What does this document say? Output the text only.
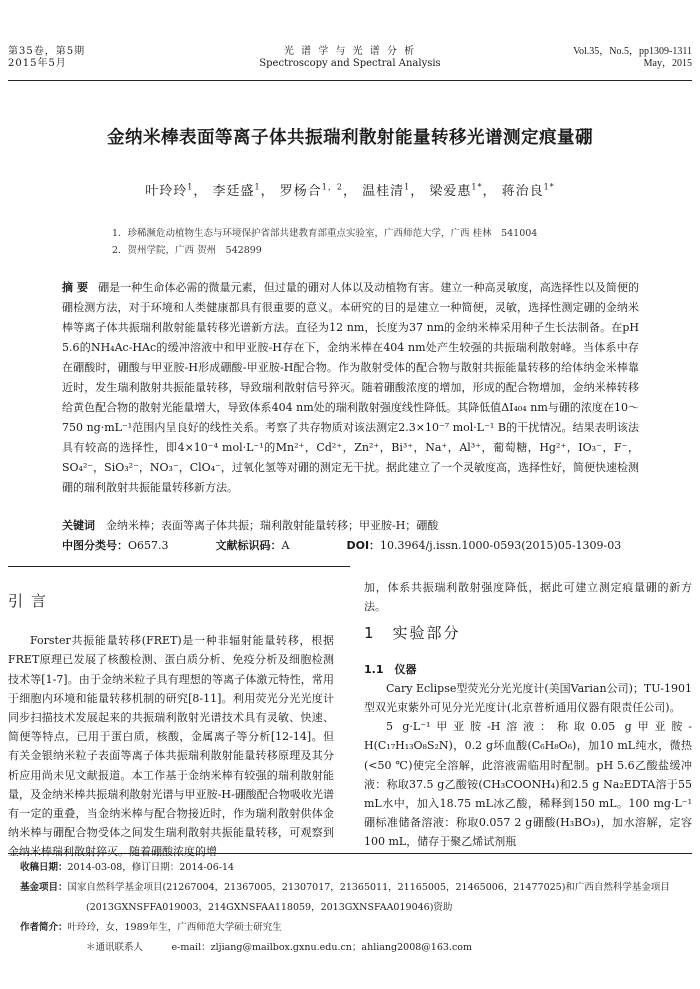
第35卷，第5期
2015年5月
光 谱 学 与 光 谱 分 析
Spectroscopy and Spectral Analysis
Vol.35，No.5，pp1309-1311
May，2015
金纳米棒表面等离子体共振瑞利散射能量转移光谱测定痕量硼
叶玲玲$^1$， 李廷盛$^1$， 罗杨合$^{1,2}$， 温桂清$^1$， 梁爱惠$^{1*}$， 蒋治良$^{1*}$
1．珍稀濒危动植物生态与环境保护省部共建教育部重点实验室，广西师范大学，广西 桂林　541004
2．贺州学院，广西 贺州　542899
摘要 硼是一种生命体必需的微量元素，但过量的硼对人体以及动植物有害。建立一种高灵敏度，高选择性以及简便的硼检测方法，对于环境和人类健康都具有很重要的意义。本研究的目的是建立一种简便，灵敏，选择性测定硼的金纳米棒等离子体共振瑞利散射能量转移光谱新方法。直径为12 nm，长度为37 nm的金纳米棒采用种子生长法制备。在pH 5.6的NH₄Ac-HAc的缓冲溶液中和甲亚胺-H存在下，金纳米棒在404 nm处产生较强的共振瑞利散射峰。当体系中存在硼酸时，硼酸与甲亚胺-H形成硼酸-甲亚胺-H配合物。作为散射受体的配合物与散射共振能量转移的给体纳金米棒靠近时，发生瑞利散射共振能量转移，导致瑞利散射信号猝灭。随着硼酸浓度的增加，形成的配合物增加，金纳米棒转移给黄色配合物的散射光能量增大，导致体系404 nm处的瑞利散射强度线性降低。其降低值ΔI₄₀₄ nm与硼的浓度在10～750 ng·mL⁻¹范围内呈良好的线性关系。考察了共存物质对该法测定2.3×10⁻⁷ mol·L⁻¹ B的干扰情况。结果表明该法具有较高的选择性，即4×10⁻⁴ mol·L⁻¹的Mn²⁺，Cd²⁺，Zn²⁺，Bi³⁺，Na⁺，Al³⁺，葡萄糖，Hg²⁺，IO₃⁻，F⁻，SO₄²⁻，SiO₃²⁻，NO₃⁻，ClO₄⁻，过氧化氢等对硼的测定无干扰。据此建立了一个灵敏度高，选择性好，简便快速检测硼的瑞利散射共振能量转移新方法。
关键词　 金纳米棒；表面等离子体共振；瑞利散射能量转移；甲亚胺-H；硼酸
中图分类号：O657.3	文献标识码：A	DOI：10.3964/j.issn.1000-0593(2015)05-1309-03
引言

Forster共振能量转移(FRET)是一种非辐射能量转移，根据FRET原理已发展了核酸检测、蛋白质分析、免疫分析及细胞检测技术等[1-7]。由于金纳米粒子具有理想的等离子体激元特性，常用于细胞内环境和能量转移机制的研究[8-11]。利用荧光分光光度计同步扫描技术发展起来的共振瑞利散射光谱技术具有灵敏、快速、简便等特点，已用于蛋白质，核酸，金属离子等分析[12-14]。但有关金银纳米粒子表面等离子体共振瑞利散射能量转移原理及其分析应用尚未见文献报道。本工作基于金纳米棒有较强的瑞利散射能量，及金纳米棒共振瑞利散射光谱与甲亚胺-H-硼酸配合物吸收光谱有一定的重叠，当金纳米棒与配合物接近时，作为瑞利散射供体金纳米棒与硼配合物受体之间发生瑞利散射共振能量转移，可观察到金纳米棒瑞利散射猝灭。随着硼酸浓度的增

加，体系共振瑞利散射强度降低，据此可建立测定痕量硼的新方法。

1　实验部分
1.1　仪器

Cary Eclipse型荧光分光光度计(美国Varian公司)；TU-1901型双光束紫外可见分光光度计(北京普析通用仪器有限责任公司)。

5 g·L⁻¹甲亚胺-H溶液：称取0.05 g甲亚胺-H(C₁₇H₁₃O₈S₂N)，0.2 g坏血酸(C₆H₈O₆)，加10 mL纯水，微热(<50 ℃)使完全溶解，此溶液需临用时配制。pH 5.6乙酸盐缓冲液：称取37.5 g乙酸铵(CH₃COONH₄)和2.5 g Na₂EDTA溶于55 mL水中，加入18.75 mL冰乙酸，稀释到150 mL。100 mg·L⁻¹硼标准储备溶液：称取0.057 2 g硼酸(H₃BO₃)，加水溶解，定容100 mL，储存于聚乙烯试剂瓶

收稿日期：2014-03-08，修订日期：2014-06-14
基金项目：国家自然科学基金项目(21267004，21367005，21307017，21365011，21165005，21465006，21477025)和广西自然科学基金项目
(2013GXNSFFA019003，214GXNSFAA118059，2013GXNSFAA019046)资助
作者简介：叶玲玲，女，1989年生，广西师范大学硕士研究生
＊通讯联系人　　　	e-mail：zljiang@mailbox.gxnu.edu.cn；ahliang2008@163.com
